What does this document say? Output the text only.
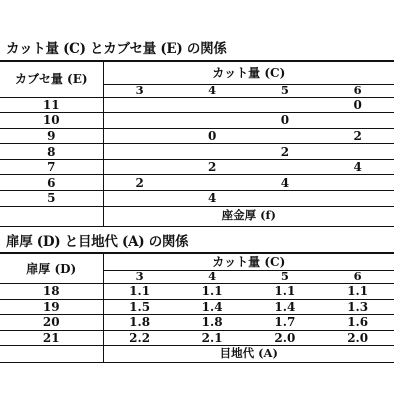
カット量 (C) とカブセ量 (E) の関係
カブセ量 (E)	カット量 (C)			
	3	4	5	6
11				0
10			0	
9		0		2
8			2	
7		2		4
6	2		4	
5		4		
	座金厚 (f)			
扉厚 (D) と目地代 (A) の関係
扉厚 (D)	カット量 (C)			
	3	4	5	6
18	1.1	1.1	1.1	1.1
19	1.5	1.4	1.4	1.3
20	1.8	1.8	1.7	1.6
21	2.2	2.1	2.0	2.0
	目地代 (A)			
